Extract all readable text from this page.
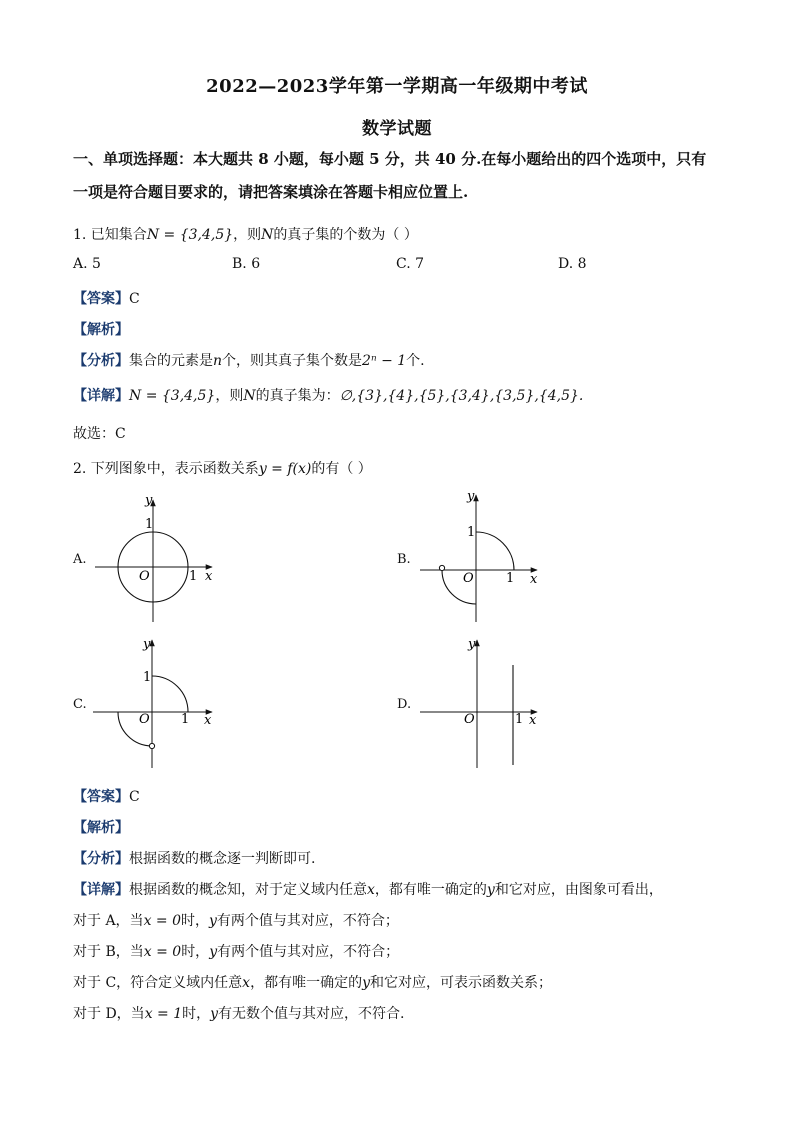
2022—2023学年第一学期高一年级期中考试
数学试题
一、单项选择题：本大题共 8 小题，每小题 5 分，共 40 分.在每小题给出的四个选项中，只有
一项是符合题目要求的，请把答案填涂在答题卡相应位置上.
1. 已知集合N = {3,4,5}，则N的真子集的个数为（ ）
A. 5	B. 6	C. 7	D. 8
【答案】C
【解析】
【分析】集合的元素是n个，则其真子集个数是2ⁿ − 1个.
【详解】N = {3,4,5}，则N的真子集为：∅,{3},{4},{5},{3,4},{3,5},{4,5}.
故选：C
2. 下列图象中，表示函数关系y = f(x)的有（ ）
A.
y
x
O
1
1
y
x
O
1
1
y
x
O
1
1
y
x
O	1
B.
C.	D.
【答案】C
【解析】
【分析】根据函数的概念逐一判断即可.
【详解】根据函数的概念知，对于定义域内任意x，都有唯一确定的y和它对应，由图象可看出，
对于 A，当x = 0时，y有两个值与其对应，不符合；
对于 B，当x = 0时，y有两个值与其对应，不符合；
对于 C，符合定义域内任意x，都有唯一确定的y和它对应，可表示函数关系；
对于 D，当x = 1时，y有无数个值与其对应，不符合.
